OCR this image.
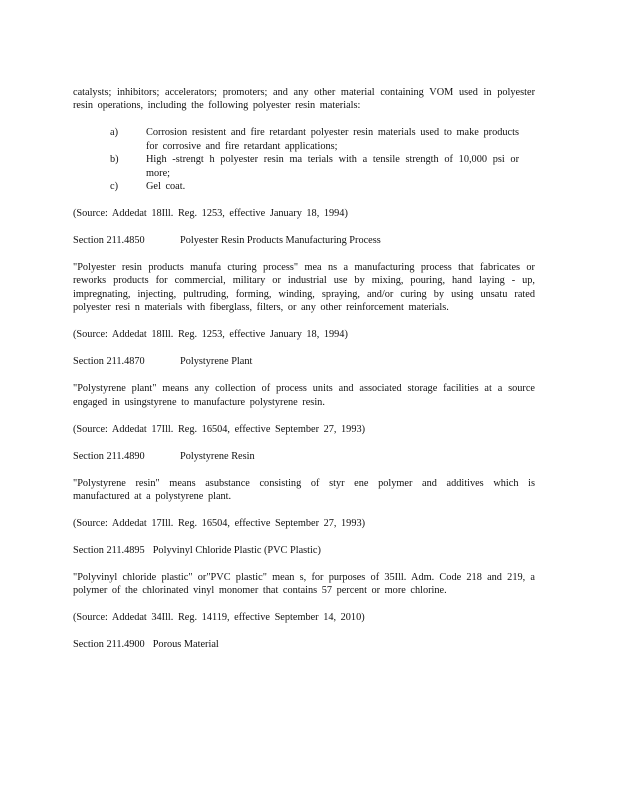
catalysts; inhibitors; accelerators; promoters; and any other material containing VOM used in polyester resin operations, including the following polyester resin materials:

a)	Corrosion resistent and fire retardant polyester resin materials used to make products for corrosive and fire retardant applications;
b)	High -strengt h polyester resin ma terials with a tensile strength of 10,000 psi or more;
c)	Gel coat.

(Source: Addedat 18Ill. Reg. 1253, effective January 18, 1994)

Section 211.4850	Polyester Resin Products Manufacturing Process

"Polyester resin products manufa cturing process" mea ns a manufacturing process that fabricates or reworks products for commercial, military or industrial use by mixing, pouring, hand laying - up, impregnating, injecting, pultruding, forming, winding, spraying, and/or curing by using unsatu rated polyester resi n materials with fiberglass, filters, or any other reinforcement materials.

(Source: Addedat 18Ill. Reg. 1253, effective January 18, 1994)

Section 211.4870	Polystyrene Plant

"Polystyrene plant" means any collection of process units and associated storage facilities at a source engaged in usingstyrene to manufacture polystyrene resin.

(Source: Addedat 17Ill. Reg. 16504, effective September 27, 1993)

Section 211.4890	Polystyrene Resin

"Polystyrene resin" means asubstance consisting of styr ene polymer and additives which is manufactured at a polystyrene plant.

(Source: Addedat 17Ill. Reg. 16504, effective September 27, 1993)

Section 211.4895 Polyvinyl Chloride Plastic (PVC Plastic)

"Polyvinyl chloride plastic" or"PVC plastic" mean s, for purposes of 35Ill. Adm. Code 218 and 219, a polymer of the chlorinated vinyl monomer that contains 57 percent or more chlorine.

(Source: Addedat 34Ill. Reg. 14119, effective September 14, 2010)

Section 211.4900 Porous Material
